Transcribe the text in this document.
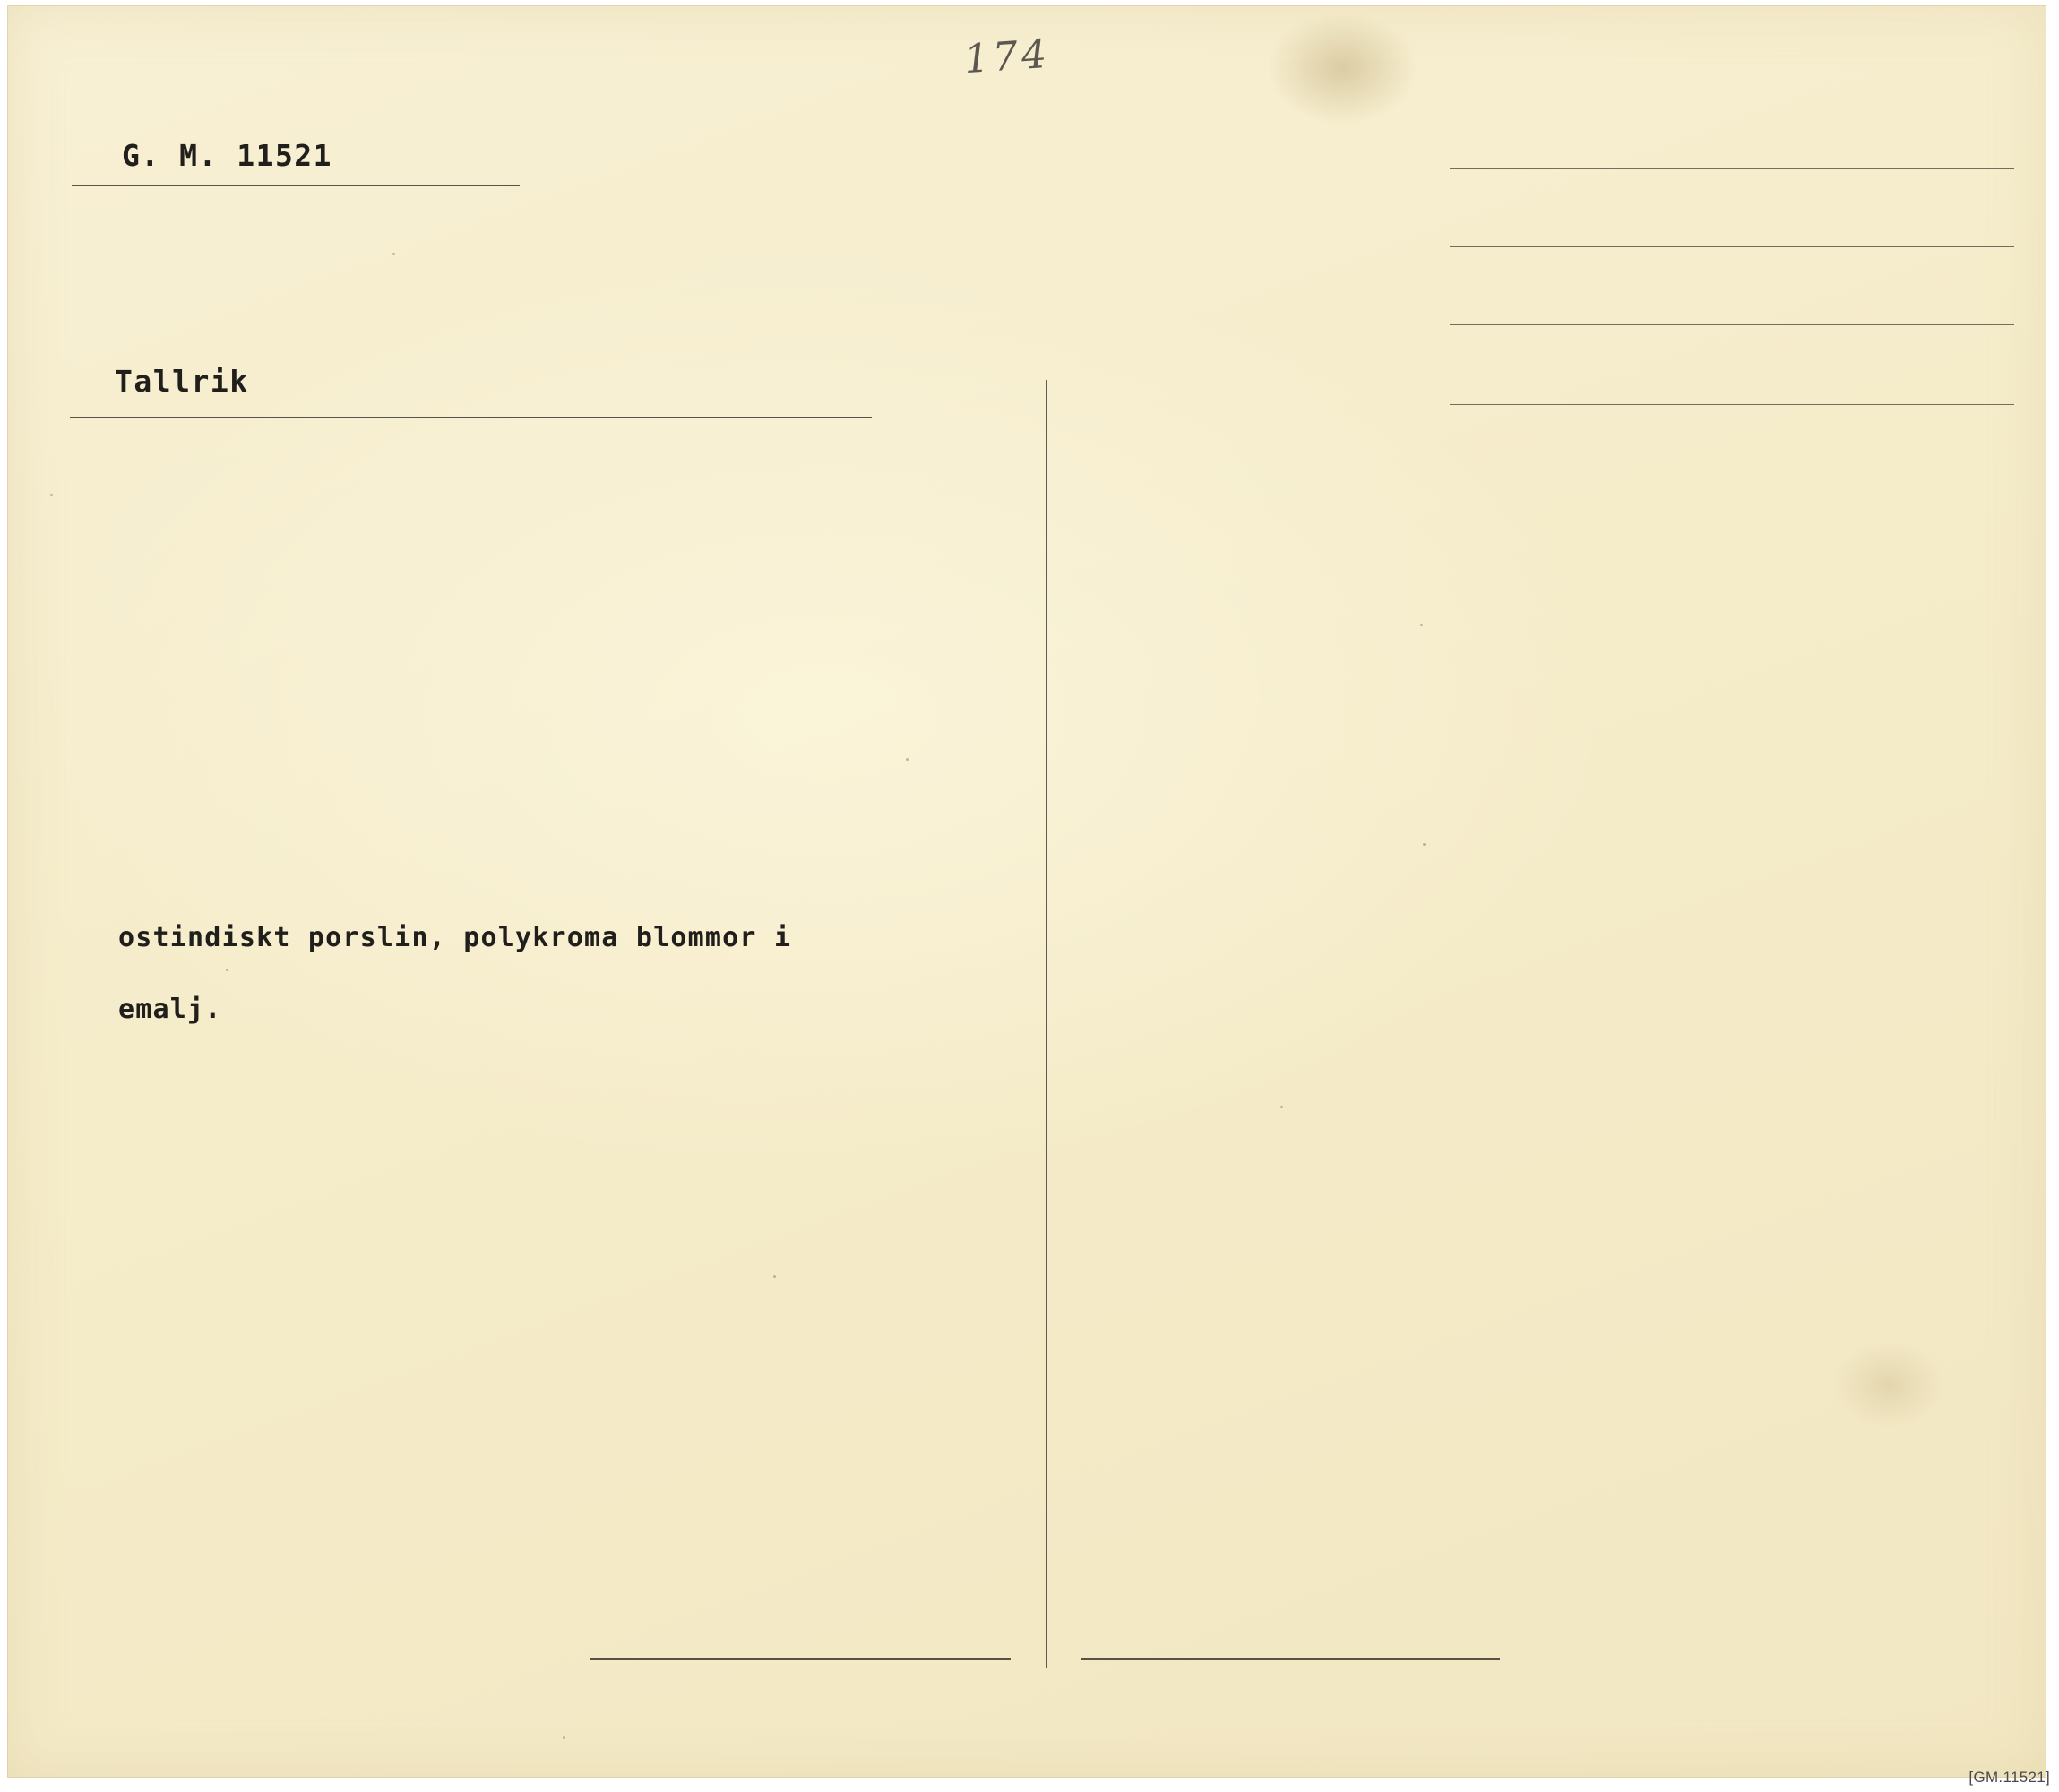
174
G. M. 11521
Tallrik
ostindiskt porslin, polykroma blommor i
emalj.
[GM.11521]
